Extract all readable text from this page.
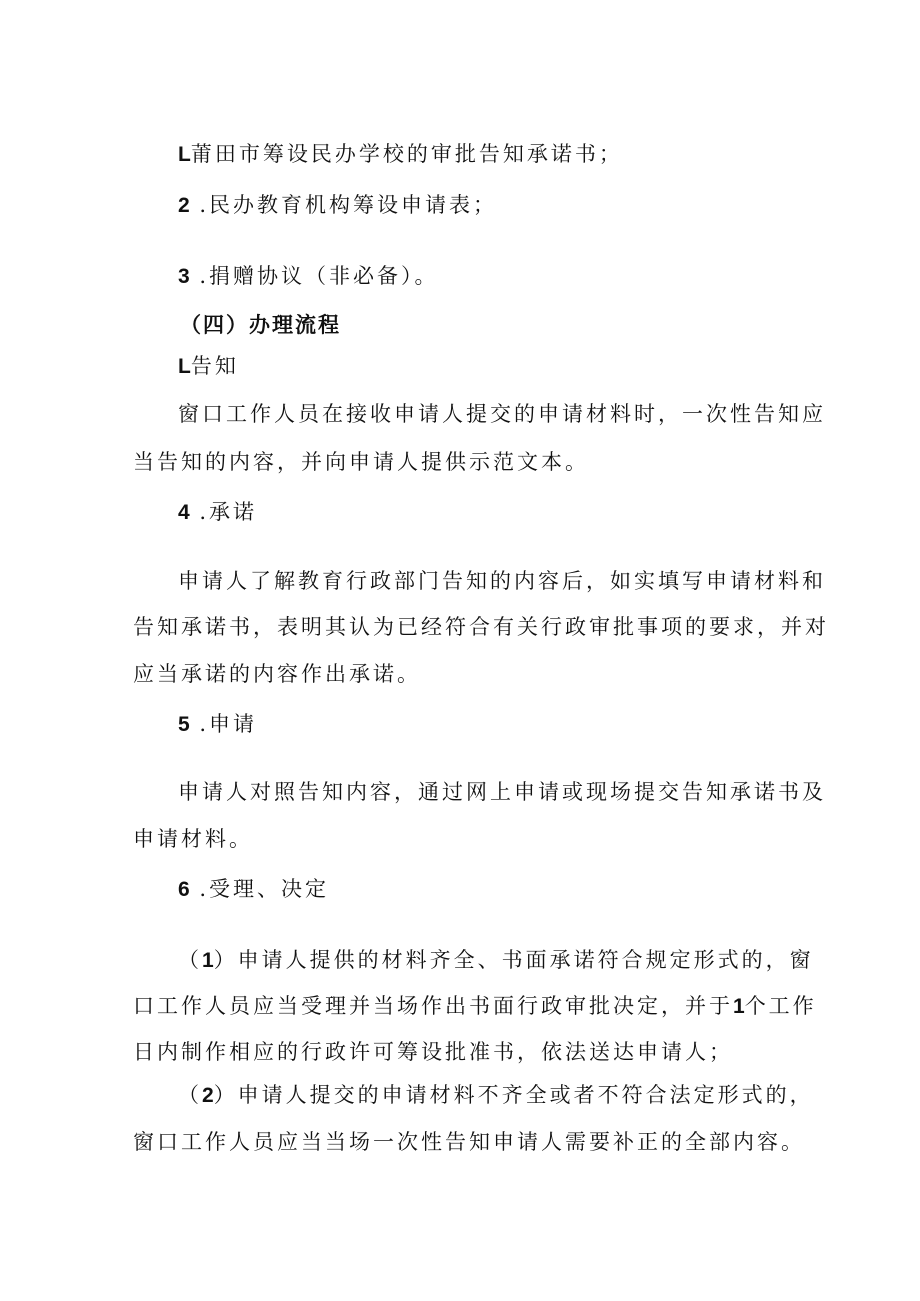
L莆田市筹设民办学校的审批告知承诺书；
2 .民办教育机构筹设申请表；
3 .捐赠协议（非必备）。
（四）办理流程
L告知
窗口工作人员在接收申请人提交的申请材料时，一次性告知应
当告知的内容，并向申请人提供示范文本。
4 .承诺
申请人了解教育行政部门告知的内容后，如实填写申请材料和
告知承诺书，表明其认为已经符合有关行政审批事项的要求，并对
应当承诺的内容作出承诺。
5 .申请
申请人对照告知内容，通过网上申请或现场提交告知承诺书及
申请材料。
6 .受理、决定
（1）申请人提供的材料齐全、书面承诺符合规定形式的，窗
口工作人员应当受理并当场作出书面行政审批决定，并于1个工作
日内制作相应的行政许可筹设批准书，依法送达申请人；
（2）申请人提交的申请材料不齐全或者不符合法定形式的，
窗口工作人员应当当场一次性告知申请人需要补正的全部内容。
